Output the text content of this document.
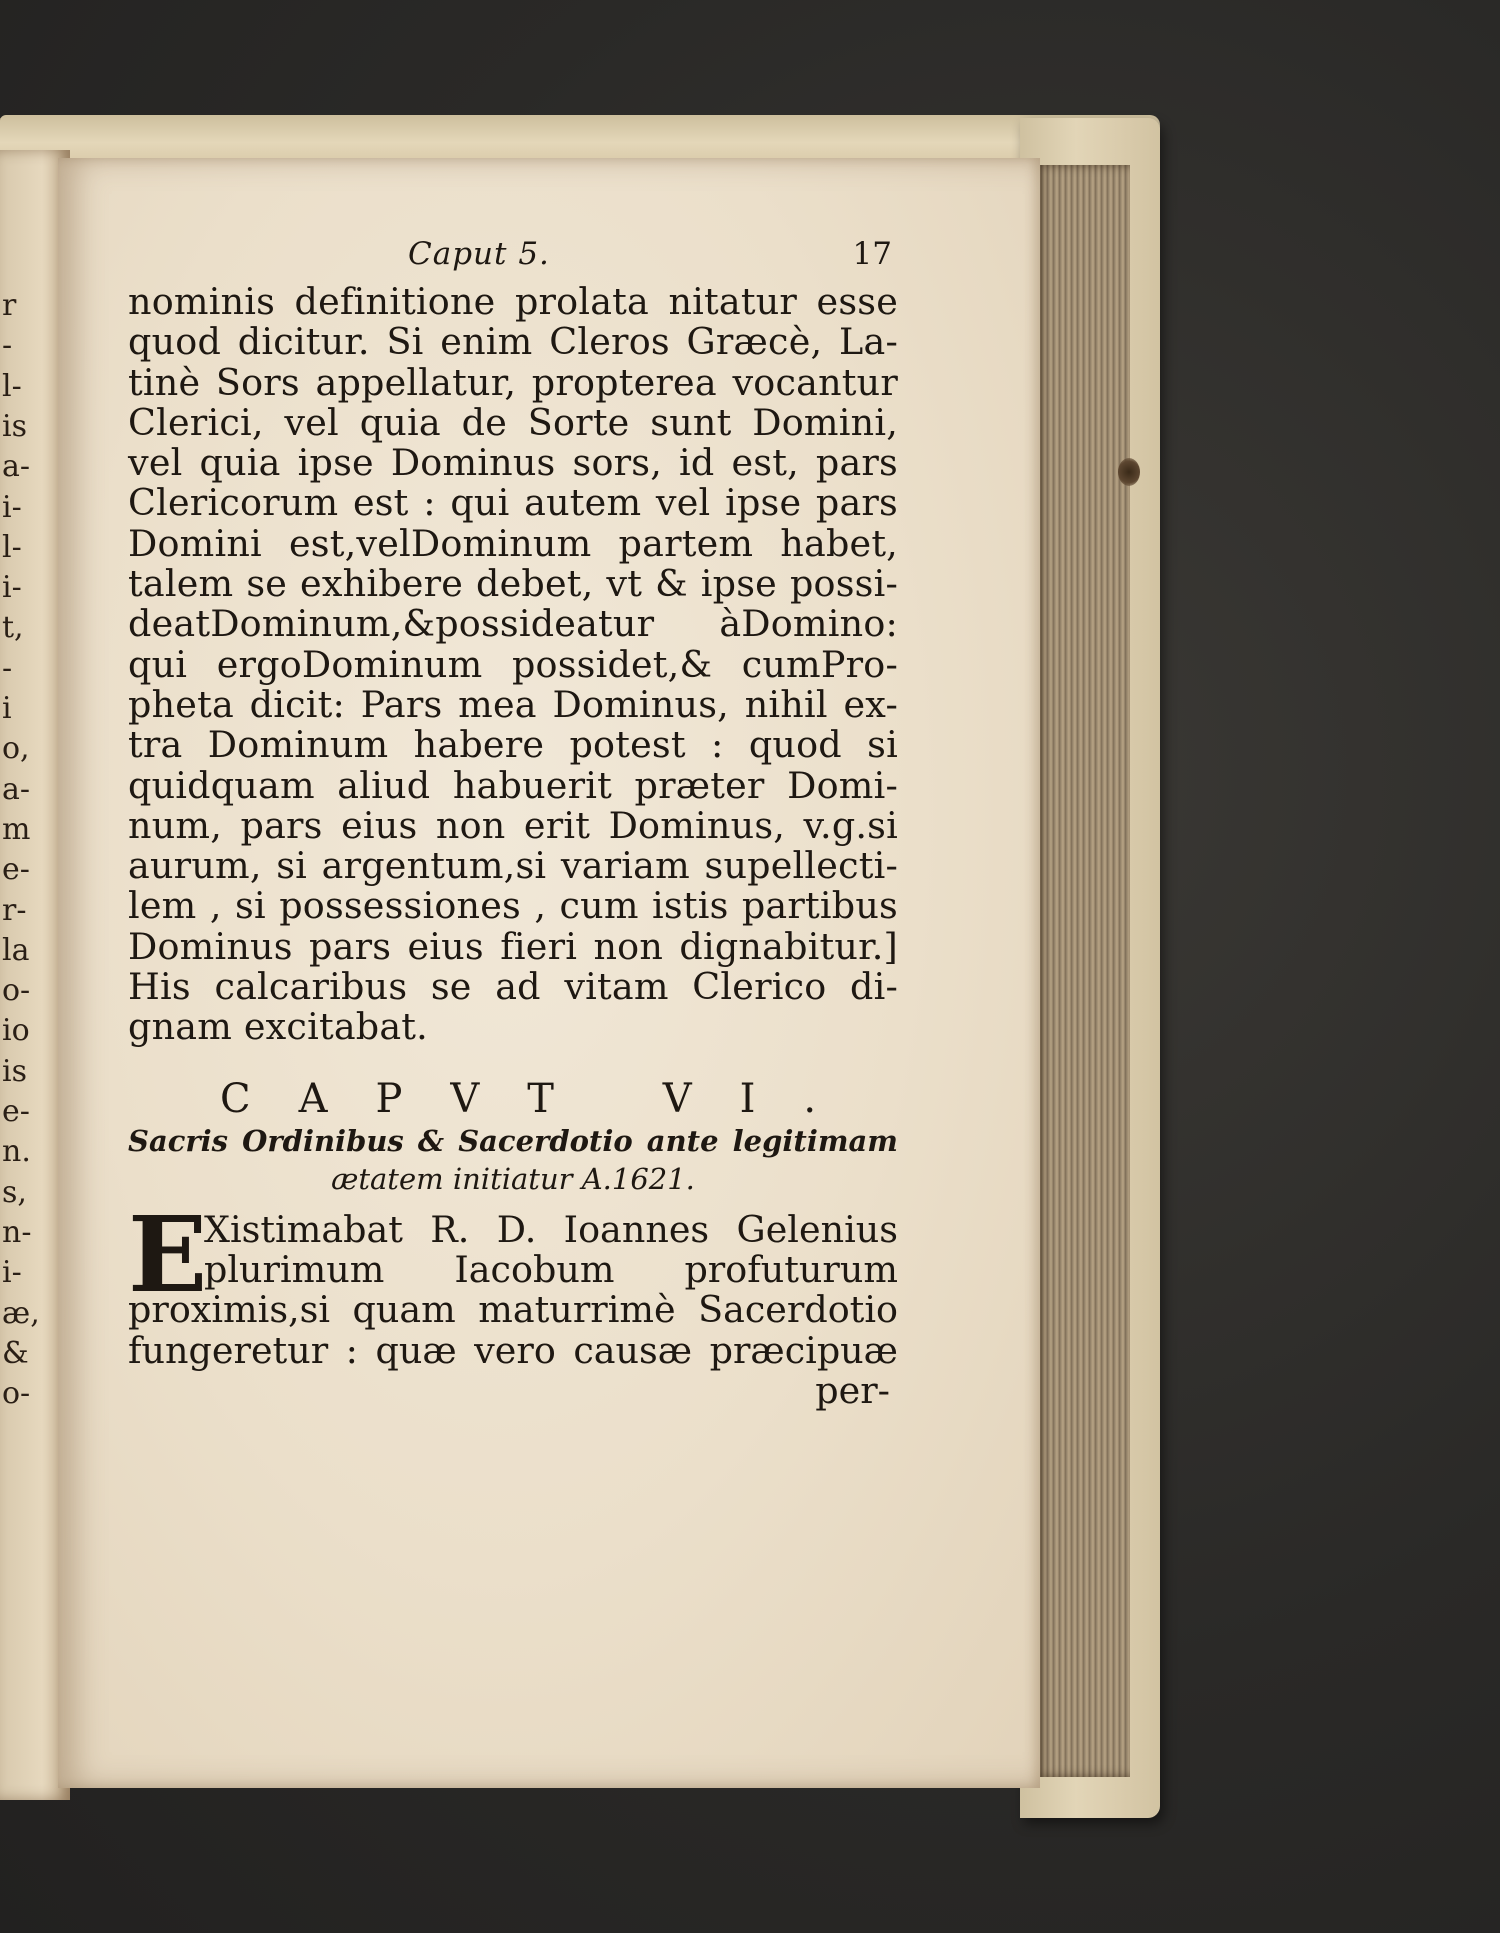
r
-
l-
is
a-
i-
l-
i-
t,
-
i
o,
a-
m
e-
r-
la
o-
io
is
e-
n.
s,
n-
i-
æ,
&
o-
Caput 5.	17
nominis definitione prolata nitatur esse
quod dicitur. Si enim Cleros Græcè, La-
tinè Sors appellatur, propterea vocantur
Clerici, vel quia de Sorte sunt Domini,
vel quia ipse Dominus sors, id est, pars
Clericorum est : qui autem vel ipse pars
Domini est,velDominum partem habet,
talem se exhibere debet, vt & ipse possi-
deatDominum,&possideatur àDomino:
qui ergoDominum possidet,& cumPro-
pheta dicit: Pars mea Dominus, nihil ex-
tra Dominum habere potest : quod si
quidquam aliud habuerit præter Domi-
num, pars eius non erit Dominus, v.g.si
aurum, si argentum,si variam supellecti-
lem , si possessiones , cum istis partibus
Dominus pars eius fieri non dignabitur.]
His calcaribus se ad vitam Clerico di-
gnam excitabat.
CAPVT VI.
Sacris Ordinibus & Sacerdotio ante legitimam
ætatem initiatur A.1621.
E
Xistimabat R. D. Ioannes Gelenius
plurimum Iacobum profuturum
proximis,si quam maturrimè Sacerdotio
fungeretur : quæ vero causæ præcipuæ
per-
